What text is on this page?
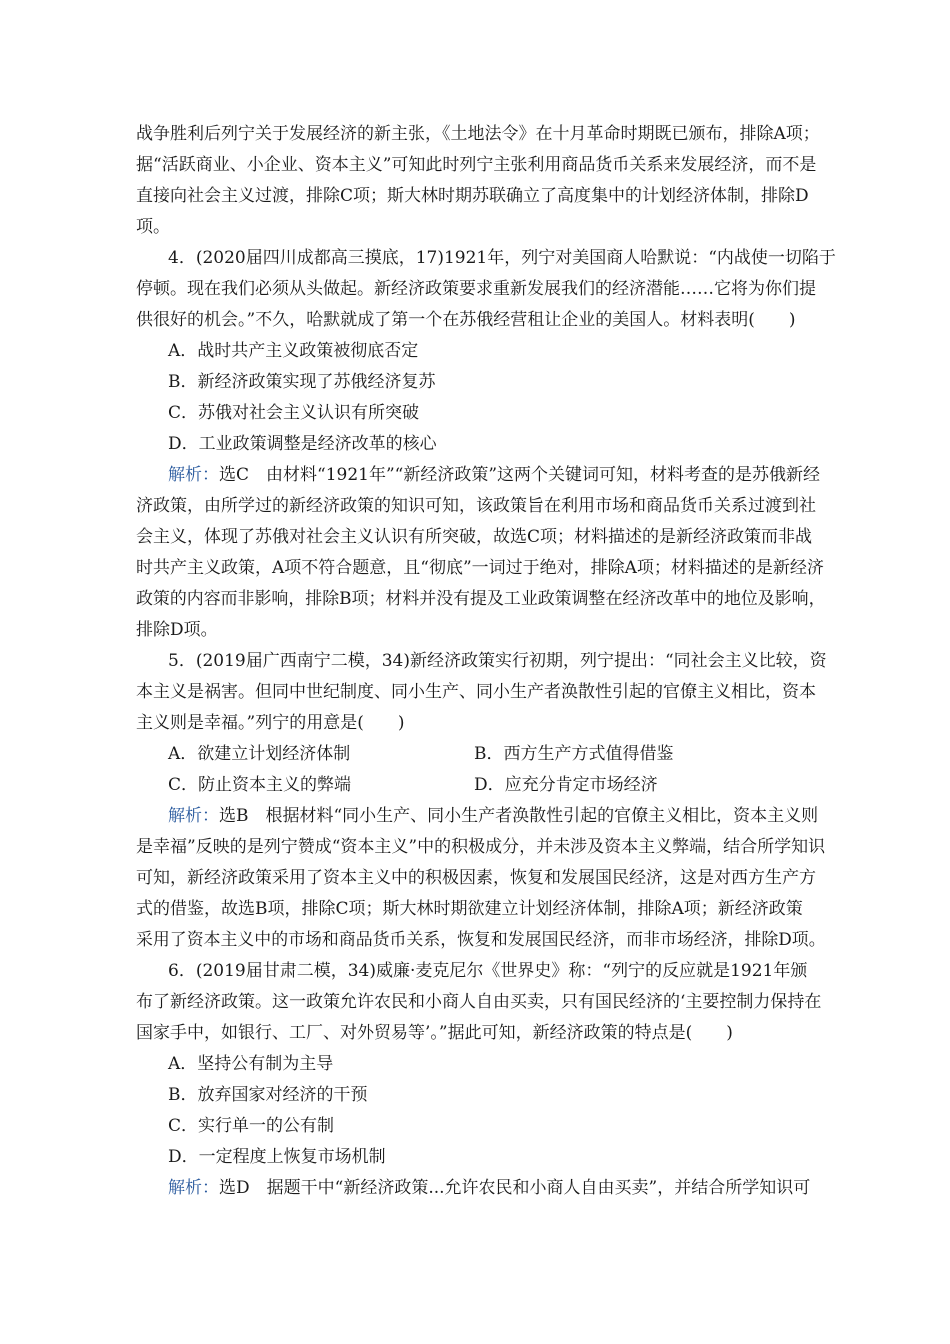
战争胜利后列宁关于发展经济的新主张，《土地法令》在十月革命时期既已颁布，排除A项；
据“活跃商业、小企业、资本主义”可知此时列宁主张利用商品货币关系来发展经济，而不是
直接向社会主义过渡，排除C项；斯大林时期苏联确立了高度集中的计划经济体制，排除D
项。
4．(2020届四川成都高三摸底，17)1921年，列宁对美国商人哈默说：“内战使一切陷于
停顿。现在我们必须从头做起。新经济政策要求重新发展我们的经济潜能……它将为你们提
供很好的机会。”不久，哈默就成了第一个在苏俄经营租让企业的美国人。材料表明(　　)
A．战时共产主义政策被彻底否定
B．新经济政策实现了苏俄经济复苏
C．苏俄对社会主义认识有所突破
D．工业政策调整是经济改革的核心
解析：选C　由材料“1921年”“新经济政策”这两个关键词可知，材料考查的是苏俄新经
济政策，由所学过的新经济政策的知识可知，该政策旨在利用市场和商品货币关系过渡到社
会主义，体现了苏俄对社会主义认识有所突破，故选C项；材料描述的是新经济政策而非战
时共产主义政策，A项不符合题意，且“彻底”一词过于绝对，排除A项；材料描述的是新经济
政策的内容而非影响，排除B项；材料并没有提及工业政策调整在经济改革中的地位及影响，
排除D项。
5．(2019届广西南宁二模，34)新经济政策实行初期，列宁提出：“同社会主义比较，资
本主义是祸害。但同中世纪制度、同小生产、同小生产者涣散性引起的官僚主义相比，资本
主义则是幸福。”列宁的用意是(　　)
A．欲建立计划经济体制	B．西方生产方式值得借鉴
C．防止资本主义的弊端	D．应充分肯定市场经济
解析：选B　根据材料“同小生产、同小生产者涣散性引起的官僚主义相比，资本主义则
是幸福”反映的是列宁赞成“资本主义”中的积极成分，并未涉及资本主义弊端，结合所学知识
可知，新经济政策采用了资本主义中的积极因素，恢复和发展国民经济，这是对西方生产方
式的借鉴，故选B项，排除C项；斯大林时期欲建立计划经济体制，排除A项；新经济政策
采用了资本主义中的市场和商品货币关系，恢复和发展国民经济，而非市场经济，排除D项。
6．(2019届甘肃二模，34)威廉·麦克尼尔《世界史》称：“列宁的反应就是1921年颁
布了新经济政策。这一政策允许农民和小商人自由买卖，只有国民经济的‘主要控制力保持在
国家手中，如银行、工厂、对外贸易等’。”据此可知，新经济政策的特点是(　　)
A．坚持公有制为主导
B．放弃国家对经济的干预
C．实行单一的公有制
D．一定程度上恢复市场机制
解析：选D　据题干中“新经济政策...允许农民和小商人自由买卖”，并结合所学知识可
